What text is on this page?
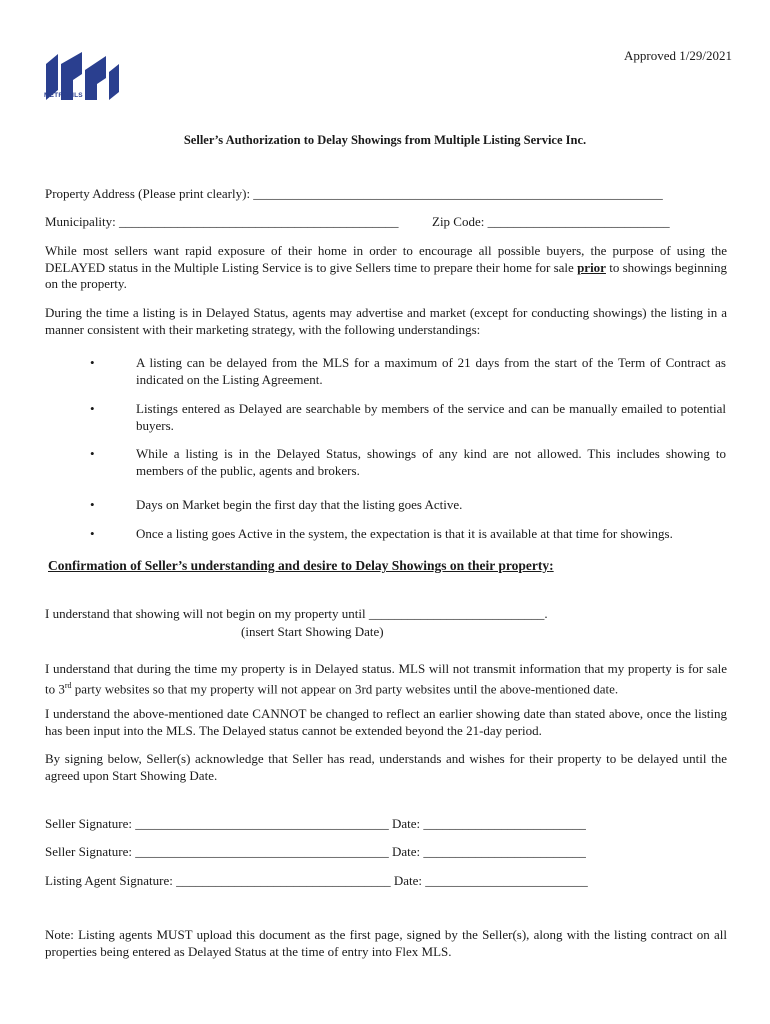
METROMLS
Approved 1/29/2021
Seller’s Authorization to Delay Showings from Multiple Listing Service Inc.
Property Address (Please print clearly): _______________________________________________________________
Municipality: ___________________________________________	Zip Code: ____________________________

While most sellers want rapid exposure of their home in order to encourage all possible buyers, the purpose of using the DELAYED status in the Multiple Listing Service is to give Sellers time to prepare their home for sale prior to showings beginning on the property.

During the time a listing is in Delayed Status, agents may advertise and market (except for conducting showings) the listing in a manner consistent with their marketing strategy, with the following understandings:

•	A listing can be delayed from the MLS for a maximum of 21 days from the start of the Term of Contract as indicated on the Listing Agreement.

•	Listings entered as Delayed are searchable by members of the service and can be manually emailed to potential buyers.

•	While a listing is in the Delayed Status, showings of any kind are not allowed. This includes showing to members of the public, agents and brokers.

•	Days on Market begin the first day that the listing goes Active.

•	Once a listing goes Active in the system, the expectation is that it is available at that time for showings.

Confirmation of Seller’s understanding and desire to Delay Showings on their property:
I understand that showing will not begin on my property until ___________________________.
(insert Start Showing Date)

I understand that during the time my property is in Delayed status. MLS will not transmit information that my property is for sale to 3rd party websites so that my property will not appear on 3rd party websites until the above-mentioned date.

I understand the above-mentioned date CANNOT be changed to reflect an earlier showing date than stated above, once the listing has been input into the MLS. The Delayed status cannot be extended beyond the 21-day period.

By signing below, Seller(s) acknowledge that Seller has read, understands and wishes for their property to be delayed until the agreed upon Start Showing Date.

Seller Signature: _______________________________________ Date: _________________________
Seller Signature: _______________________________________ Date: _________________________
Listing Agent Signature: _________________________________ Date: _________________________

Note: Listing agents MUST upload this document as the first page, signed by the Seller(s), along with the listing contract on all properties being entered as Delayed Status at the time of entry into Flex MLS.
